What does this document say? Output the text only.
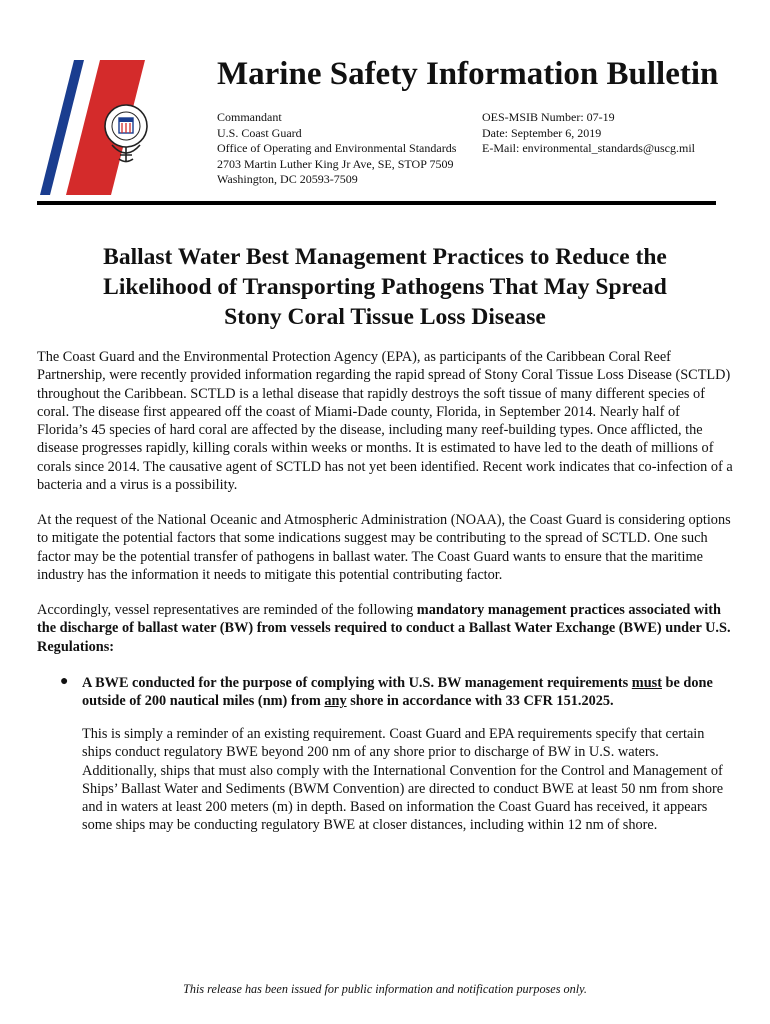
Marine Safety Information Bulletin
Commandant
U.S. Coast Guard
Office of Operating and Environmental Standards
2703 Martin Luther King Jr Ave, SE, STOP 7509
Washington, DC 20593-7509
OES-MSIB Number: 07-19
Date: September 6, 2019
E-Mail: environmental_standards@uscg.mil
Ballast Water Best Management Practices to Reduce the
Likelihood of Transporting Pathogens That May Spread
Stony Coral Tissue Loss Disease

The Coast Guard and the Environmental Protection Agency (EPA), as participants of the Caribbean Coral Reef Partnership, were recently provided information regarding the rapid spread of Stony Coral Tissue Loss Disease (SCTLD) throughout the Caribbean. SCTLD is a lethal disease that rapidly destroys the soft tissue of many different species of coral. The disease first appeared off the coast of Miami-Dade county, Florida, in September 2014. Nearly half of Florida’s 45 species of hard coral are affected by the disease, including many reef-building types. Once afflicted, the disease progresses rapidly, killing corals within weeks or months. It is estimated to have led to the death of millions of corals since 2014. The causative agent of SCTLD has not yet been identified. Recent work indicates that co-infection of a bacteria and a virus is a possibility.

At the request of the National Oceanic and Atmospheric Administration (NOAA), the Coast Guard is considering options to mitigate the potential factors that some indications suggest may be contributing to the spread of SCTLD. One such factor may be the potential transfer of pathogens in ballast water. The Coast Guard wants to ensure that the maritime industry has the information it needs to mitigate this potential contributing factor.

Accordingly, vessel representatives are reminded of the following mandatory management practices associated with the discharge of ballast water (BW) from vessels required to conduct a Ballast Water Exchange (BWE) under U.S. Regulations:

● A BWE conducted for the purpose of complying with U.S. BW management requirements must be done outside of 200 nautical miles (nm) from any shore in accordance with 33 CFR 151.2025.

This is simply a reminder of an existing requirement. Coast Guard and EPA requirements specify that certain ships conduct regulatory BWE beyond 200 nm of any shore prior to discharge of BW in U.S. waters. Additionally, ships that must also comply with the International Convention for the Control and Management of Ships’ Ballast Water and Sediments (BWM Convention) are directed to conduct BWE at least 50 nm from shore and in waters at least 200 meters (m) in depth. Based on information the Coast Guard has received, it appears some ships may be conducting regulatory BWE at closer distances, including within 12 nm of shore.

This release has been issued for public information and notification purposes only.
